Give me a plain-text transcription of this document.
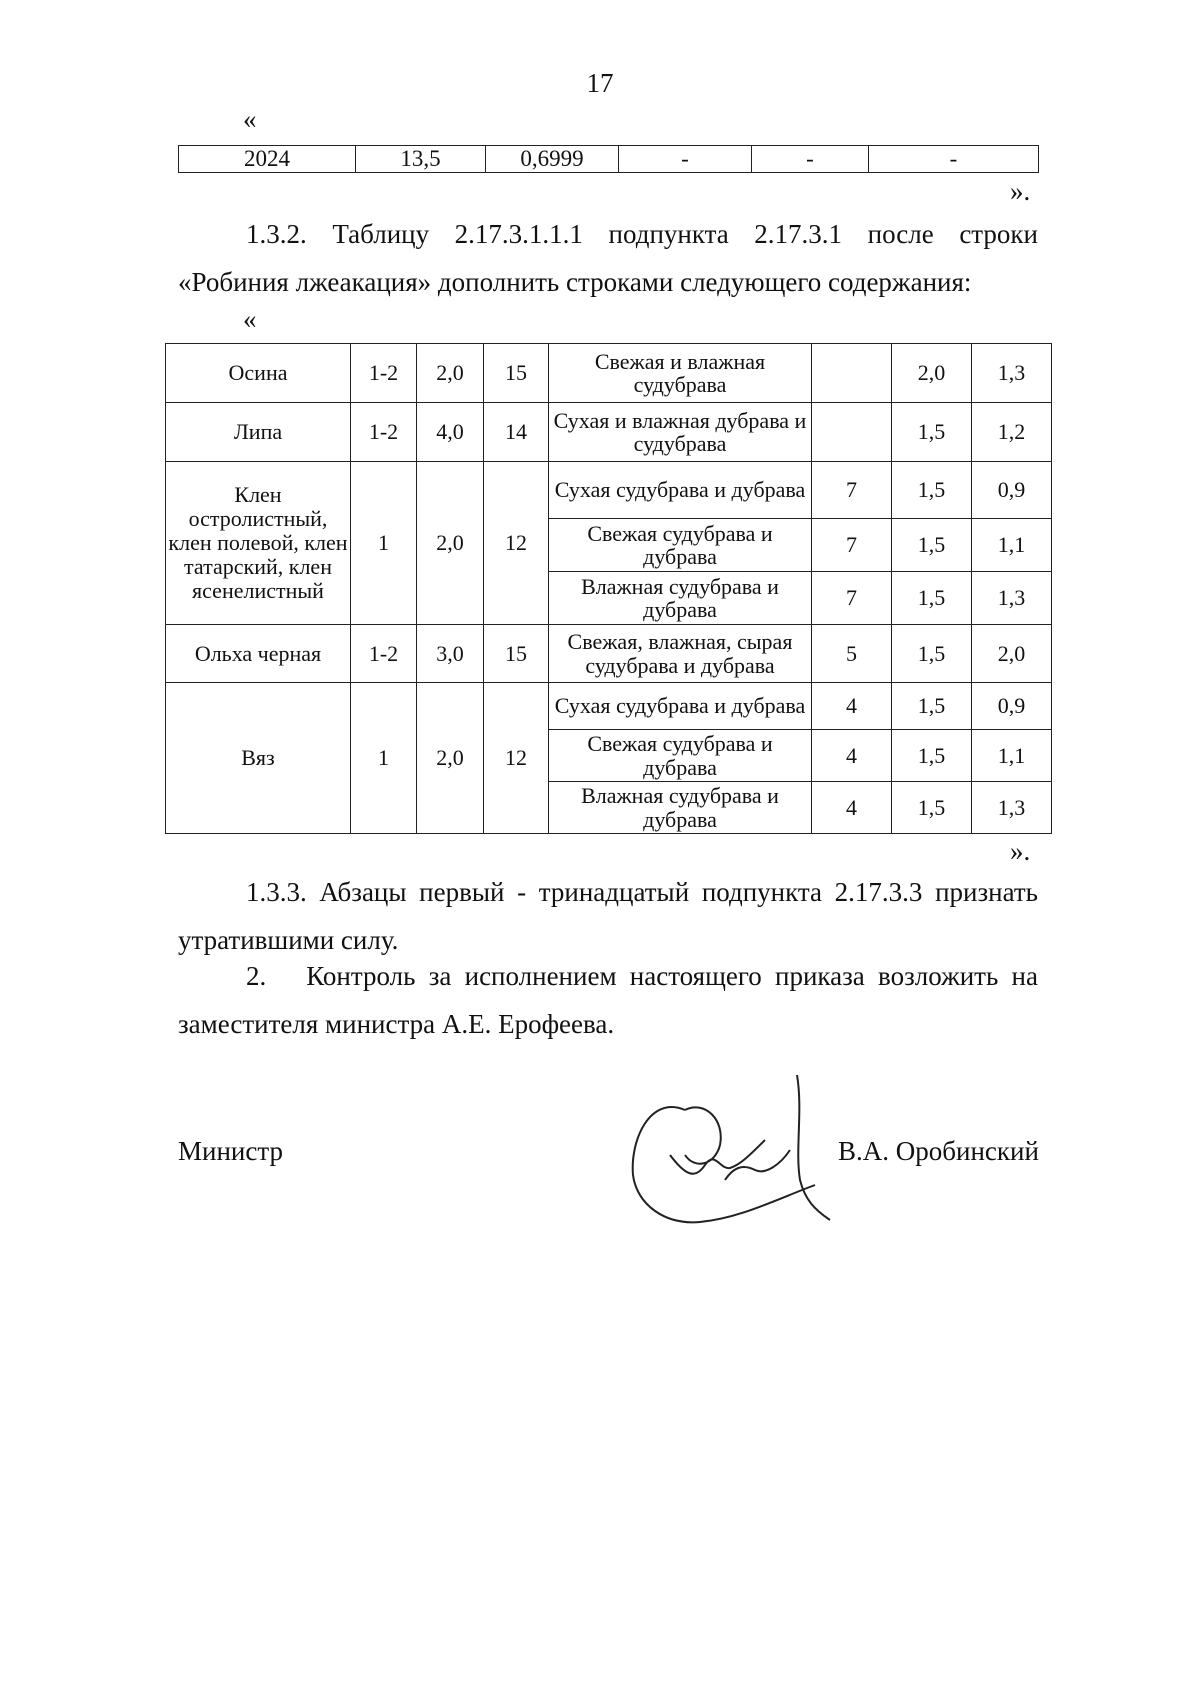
17
«
2024	13,5	0,6999	-	-	-
».
1.3.2. Таблицу 2.17.3.1.1.1 подпункта 2.17.3.1 после строки «Робиния лжеакация» дополнить строками следующего содержания:
«
Осина	1-2	2,0	15	Свежая и влажная судубрава		2,0	1,3
Липа	1-2	4,0	14	Сухая и влажная дубрава и судубрава		1,5	1,2
Клен остролистный, клен полевой, клен татарский, клен ясенелистный	1	2,0	12	Сухая судубрава и дубрава	7	1,5	0,9
				Свежая судубрава и дубрава	7	1,5	1,1
				Влажная судубрава и дубрава	7	1,5	1,3
Ольха черная	1-2	3,0	15	Свежая, влажная, сырая судубрава и дубрава	5	1,5	2,0
Вяз	1	2,0	12	Сухая судубрава и дубрава	4	1,5	0,9
				Свежая судубрава и дубрава	4	1,5	1,1
				Влажная судубрава и дубрава	4	1,5	1,3
».
1.3.3. Абзацы первый - тринадцатый подпункта 2.17.3.3 признать утратившими силу.
2. Контроль за исполнением настоящего приказа возложить на заместителя министра А.Е. Ерофеева.
Министр	В.А. Оробинский
